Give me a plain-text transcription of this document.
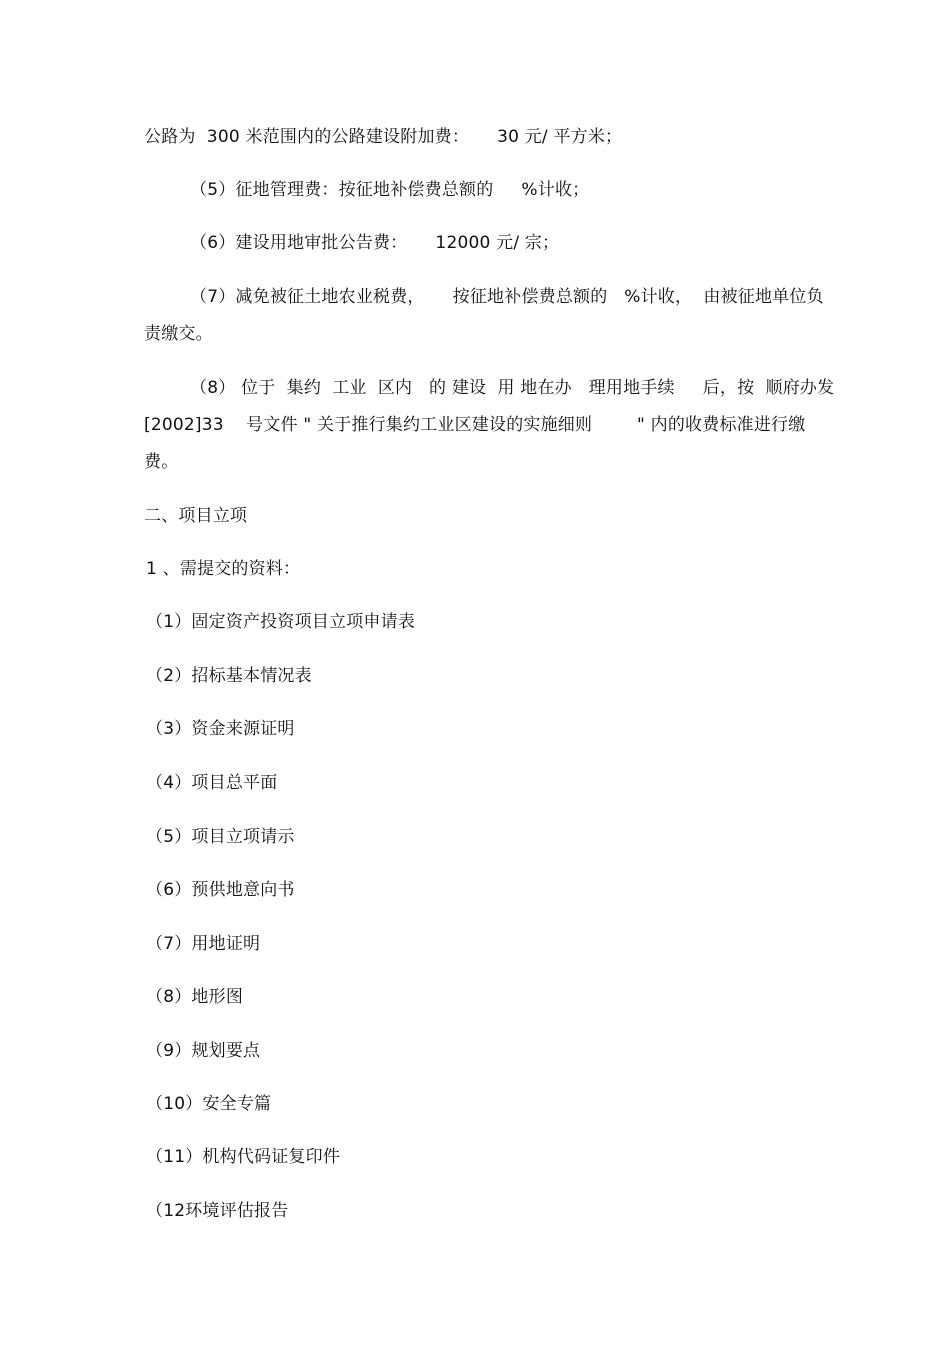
公路为  300 米范围内的公路建设附加费：     30 元/ 平方米；
（5）征地管理费：按征地补偿费总额的     %计收；
（6）建设用地审批公告费：     12000 元/ 宗；
（7）减免被征土地农业税费，     按征地补偿费总额的   %计收，  由被征地单位负
责缴交。
（8） 位于  集约  工业  区内   的 建设  用 地在办   理用地手续     后，按  顺府办发
[2002]33    号文件 " 关于推行集约工业区建设的实施细则        " 内的收费标准进行缴
费。
二、项目立项
1 、需提交的资料：
（1）固定资产投资项目立项申请表
（2）招标基本情况表
（3）资金来源证明
（4）项目总平面
（5）项目立项请示
（6）预供地意向书
（7）用地证明
（8）地形图
（9）规划要点
（10）安全专篇
（11）机构代码证复印件
（12环境评估报告
